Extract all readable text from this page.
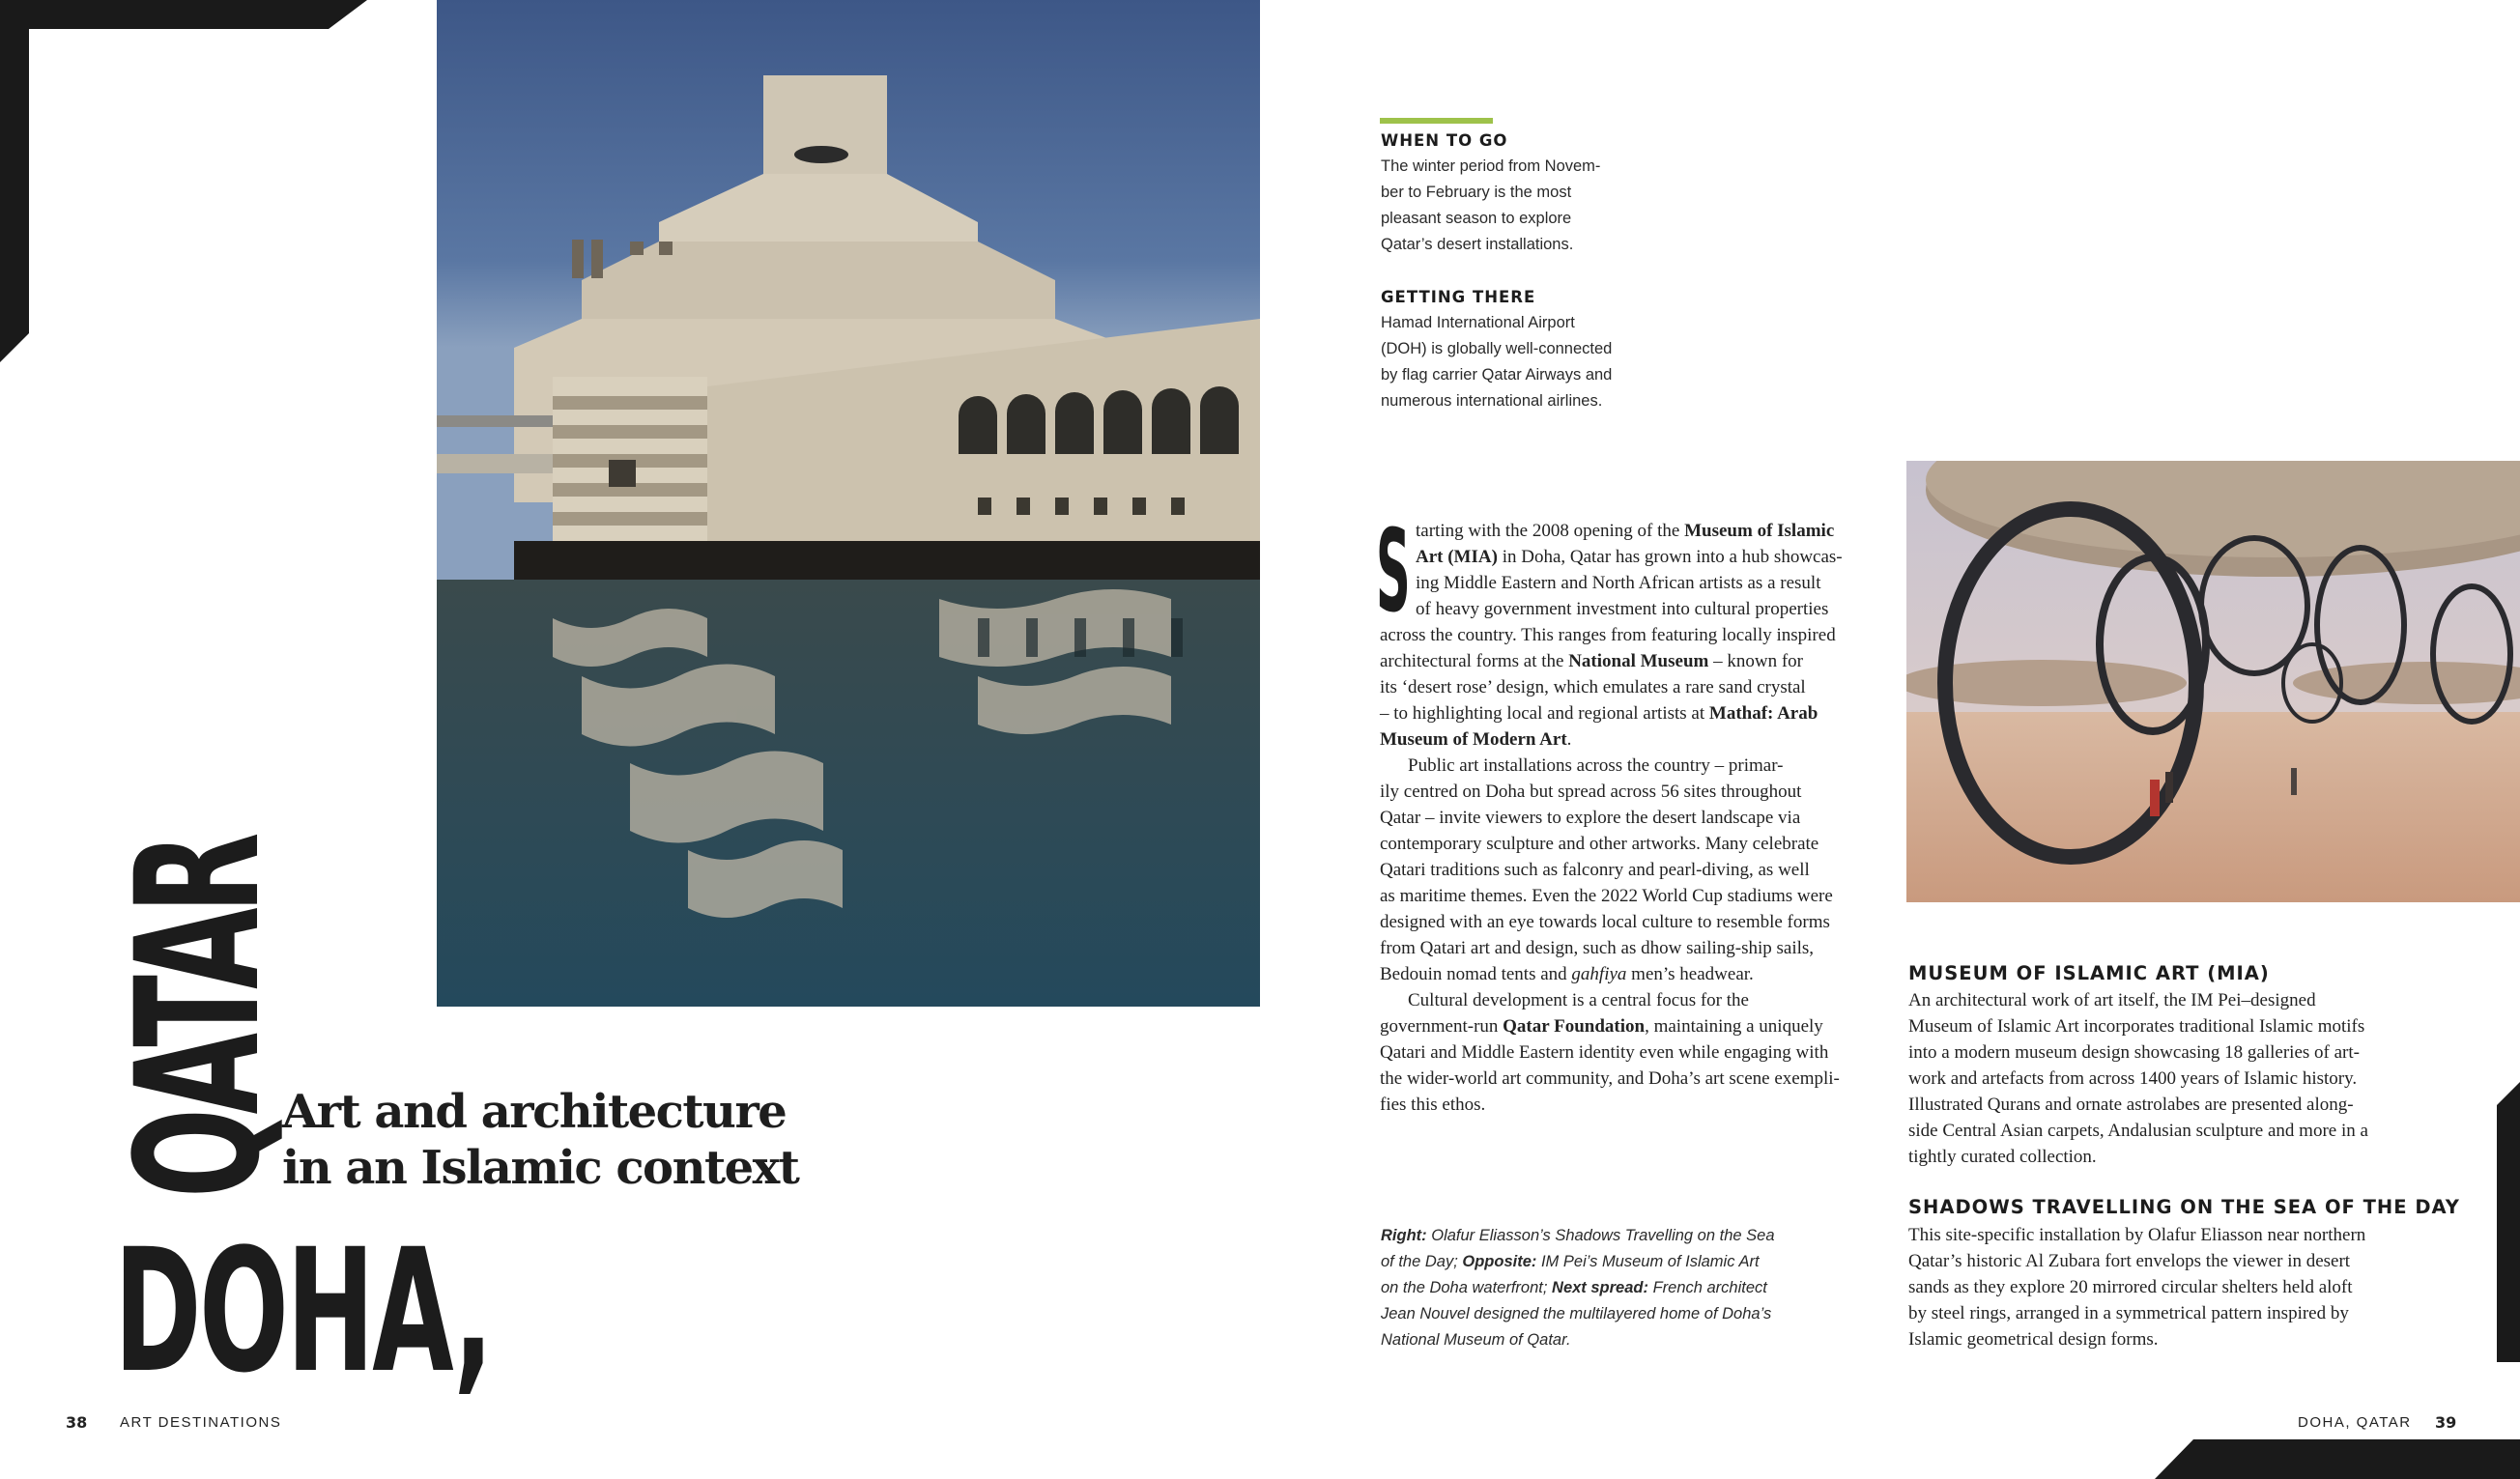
QATAR
DOHA,
Art and architecture
in an Islamic context
WHEN TO GO
The winter period from Novem-
ber to February is the most
pleasant season to explore
Qatar’s desert installations.
GETTING THERE
Hamad International Airport
(DOH) is globally well-connected
by flag carrier Qatar Airways and
numerous international airlines.
S tarting with the 2008 opening of the Museum of Islamic
Art (MIA) in Doha, Qatar has grown into a hub showcas-
ing Middle Eastern and North African artists as a result
of heavy government investment into cultural properties
across the country. This ranges from featuring locally inspired
architectural forms at the National Museum – known for
its ‘desert rose’ design, which emulates a rare sand crystal
– to highlighting local and regional artists at Mathaf: Arab
Museum of Modern Art.
Public art installations across the country – primar-
ily centred on Doha but spread across 56 sites throughout
Qatar – invite viewers to explore the desert landscape via
contemporary sculpture and other artworks. Many celebrate
Qatari traditions such as falconry and pearl-diving, as well
as maritime themes. Even the 2022 World Cup stadiums were
designed with an eye towards local culture to resemble forms
from Qatari art and design, such as dhow sailing-ship sails,
Bedouin nomad tents and gahfiya men’s headwear.
Cultural development is a central focus for the
government-run Qatar Foundation, maintaining a uniquely
Qatari and Middle Eastern identity even while engaging with
the wider-world art community, and Doha’s art scene exempli-
fies this ethos.
Right: Olafur Eliasson’s Shadows Travelling on the Sea
of the Day; Opposite: IM Pei’s Museum of Islamic Art
on the Doha waterfront; Next spread: French architect
Jean Nouvel designed the multilayered home of Doha’s
National Museum of Qatar.
MUSEUM OF ISLAMIC ART (MIA)
An architectural work of art itself, the IM Pei–designed
Museum of Islamic Art incorporates traditional Islamic motifs
into a modern museum design showcasing 18 galleries of art-
work and artefacts from across 1400 years of Islamic history.
Illustrated Qurans and ornate astrolabes are presented along-
side Central Asian carpets, Andalusian sculpture and more in a
tightly curated collection.
SHADOWS TRAVELLING ON THE SEA OF THE DAY
This site-specific installation by Olafur Eliasson near northern
Qatar’s historic Al Zubara fort envelops the viewer in desert
sands as they explore 20 mirrored circular shelters held aloft
by steel rings, arranged in a symmetrical pattern inspired by
Islamic geometrical design forms.
38 ART DESTINATIONS	DOHA, QATAR 39
